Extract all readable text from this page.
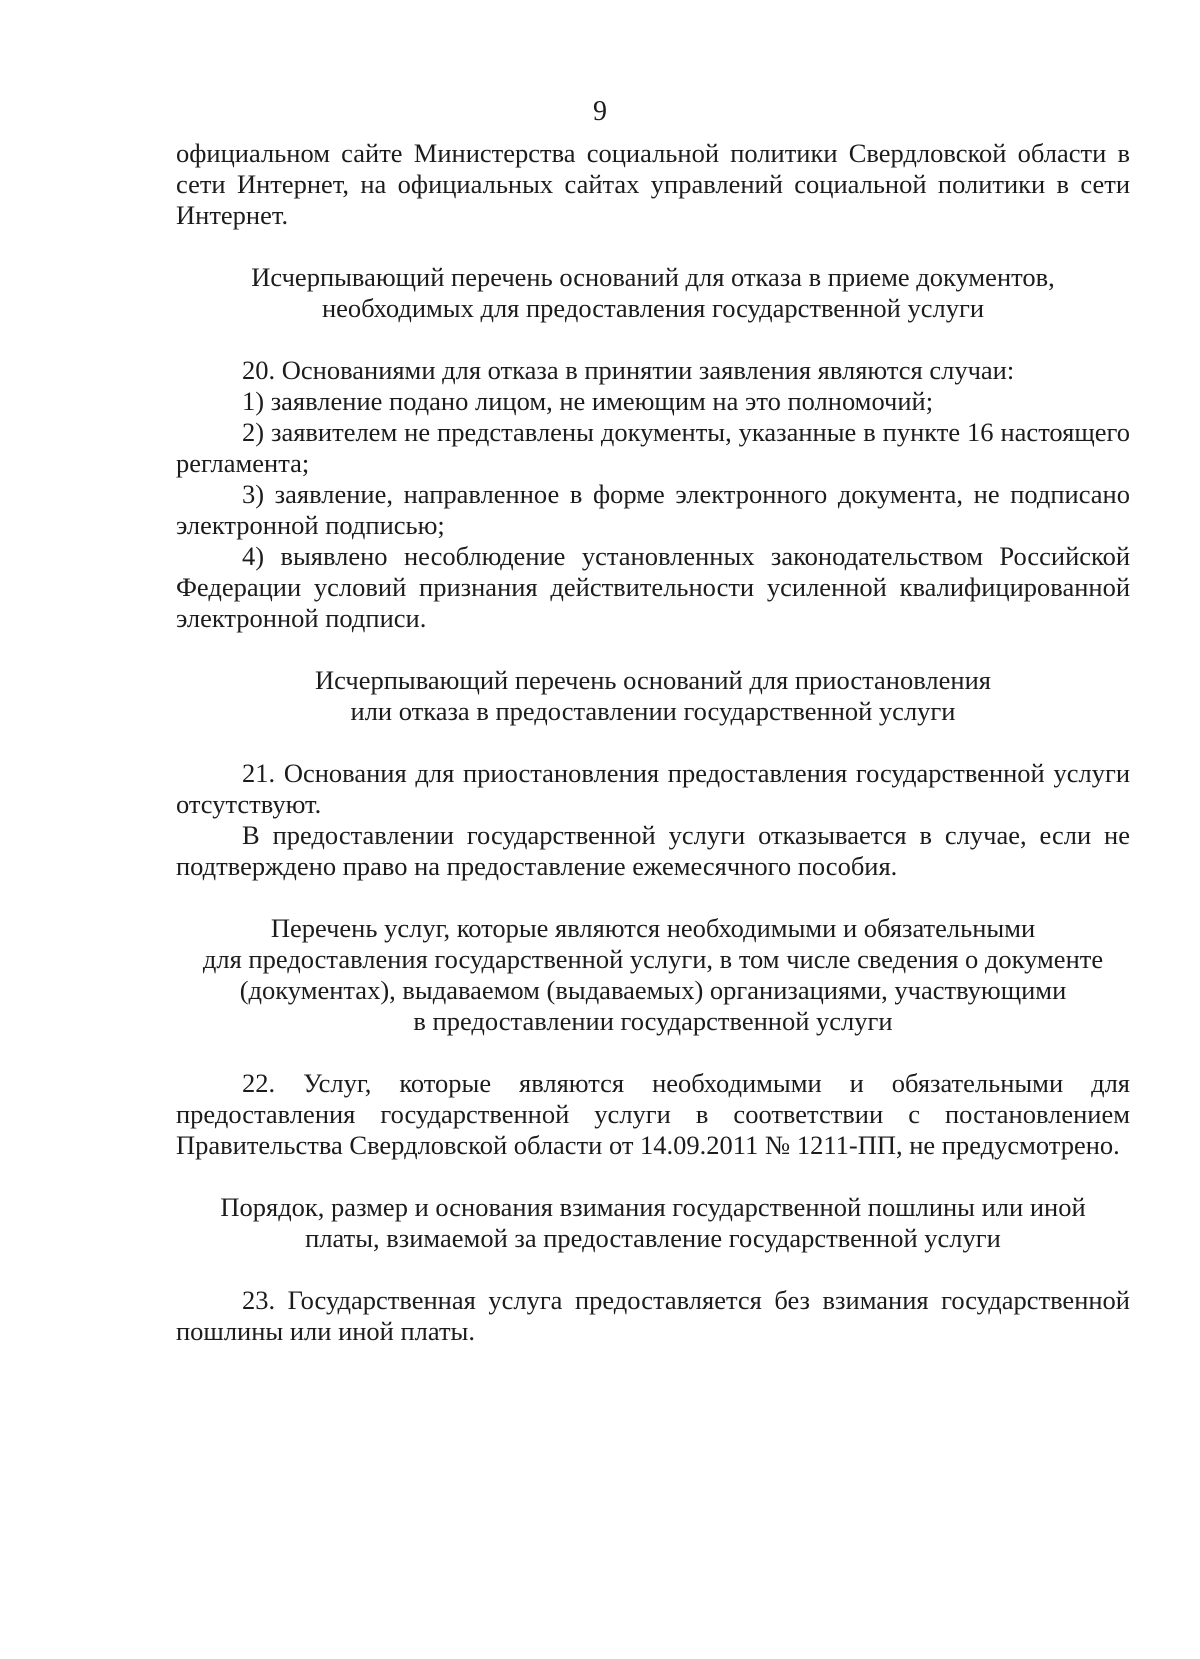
9

официальном сайте Министерства социальной политики Свердловской области в сети Интернет, на официальных сайтах управлений социальной политики в сети Интернет.

Исчерпывающий перечень оснований для отказа в приеме документов,
необходимых для предоставления государственной услуги

20. Основаниями для отказа в принятии заявления являются случаи:

1) заявление подано лицом, не имеющим на это полномочий;

2) заявителем не представлены документы, указанные в пункте 16 настоящего регламента;

3) заявление, направленное в форме электронного документа, не подписано электронной подписью;

4) выявлено несоблюдение установленных законодательством Российской Федерации условий признания действительности усиленной квалифицированной электронной подписи.

Исчерпывающий перечень оснований для приостановления
или отказа в предоставлении государственной услуги

21. Основания для приостановления предоставления государственной услуги отсутствуют.

В предоставлении государственной услуги отказывается в случае, если не подтверждено право на предоставление ежемесячного пособия.

Перечень услуг, которые являются необходимыми и обязательными
для предоставления государственной услуги, в том числе сведения о документе
(документах), выдаваемом (выдаваемых) организациями, участвующими
в предоставлении государственной услуги

22. Услуг, которые являются необходимыми и обязательными для предоставления государственной услуги в соответствии с постановлением Правительства Свердловской области от 14.09.2011 № 1211-ПП, не предусмотрено.

Порядок, размер и основания взимания государственной пошлины или иной
платы, взимаемой за предоставление государственной услуги

23. Государственная услуга предоставляется без взимания государственной пошлины или иной платы.
